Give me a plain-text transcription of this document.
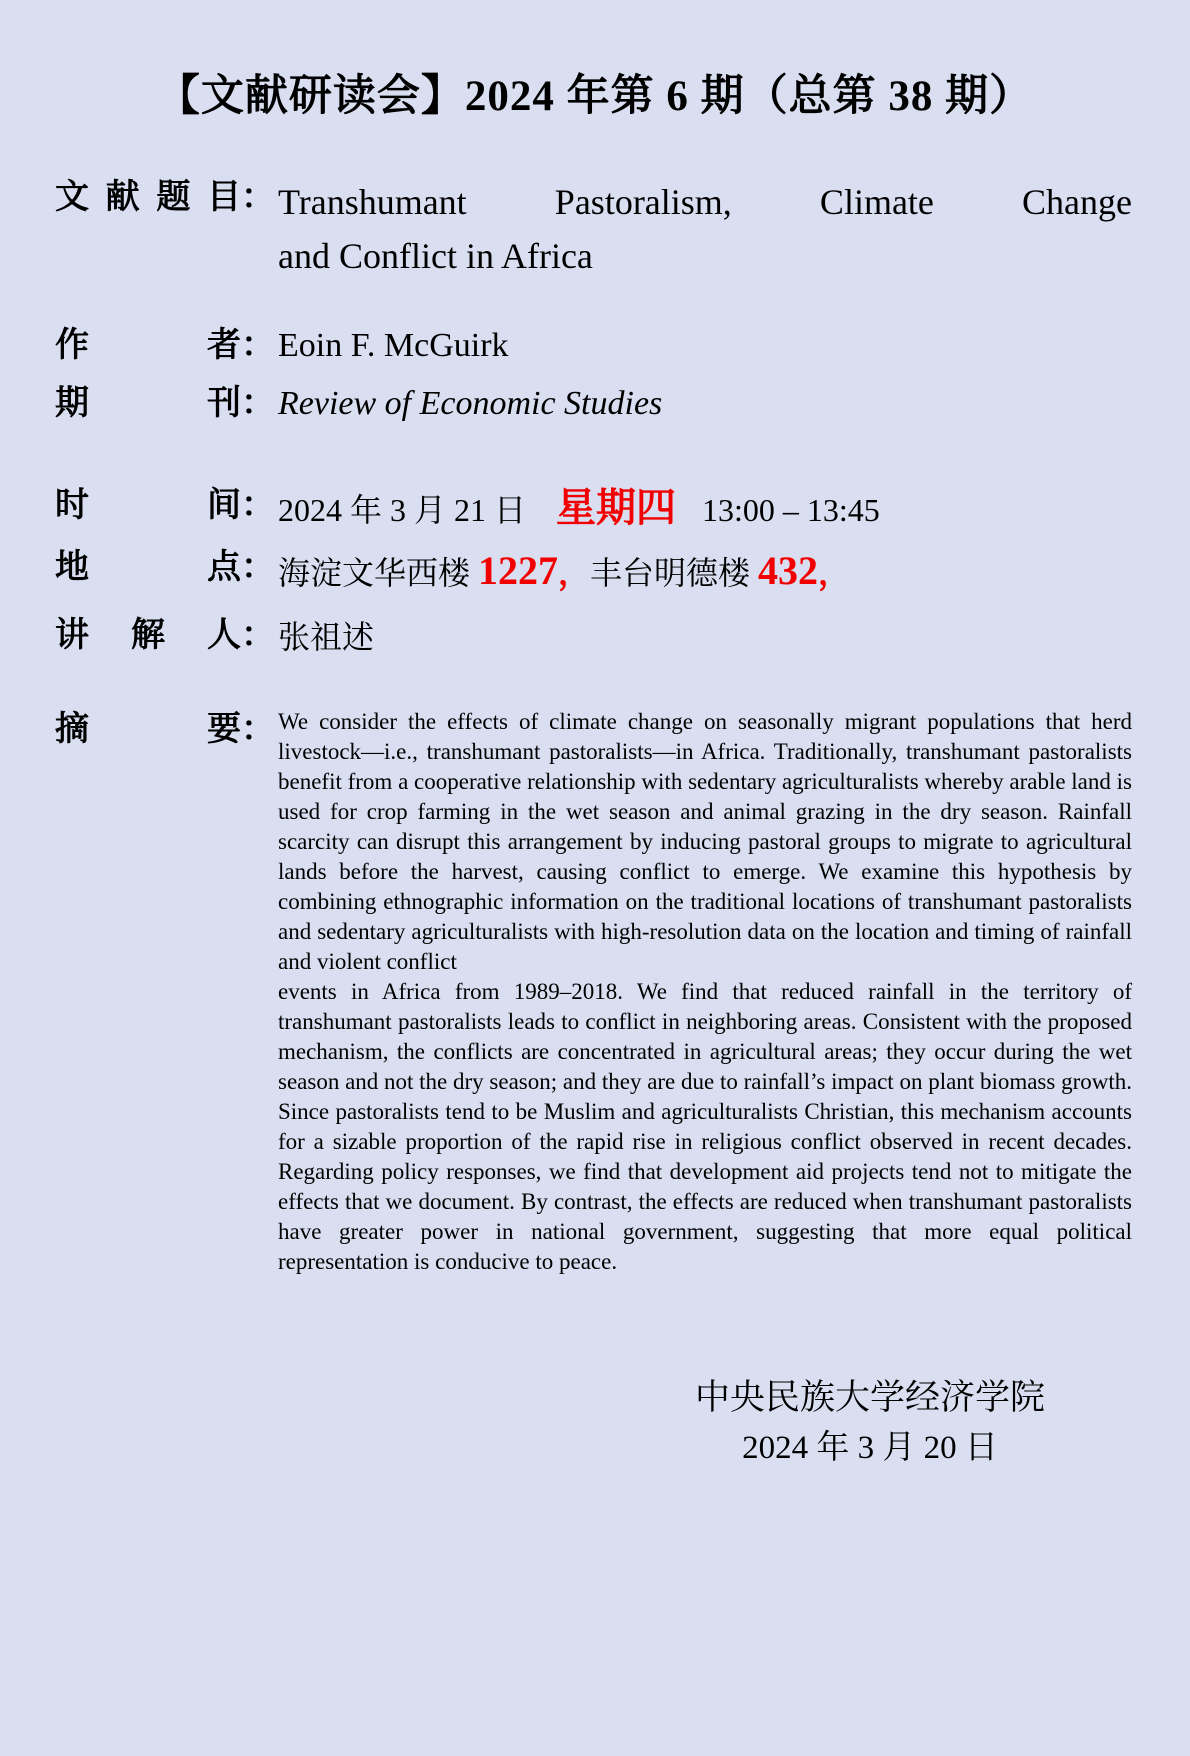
【文献研读会】2024 年第 6 期（总第 38 期）
文献题目 ： Transhumant Pastoralism, Climate Change
and Conflict in Africa
作者 ： Eoin F. McGuirk
期刊 ： Review of Economic Studies
时间 ： 2024 年 3 月 21 日 星期四 13:00 – 13:45
地点 ： 海淀文华西楼 1227，丰台明德楼 432，
讲解人 ： 张祖述
摘要 ： We consider the effects of climate change on seasonally migrant populations that herd livestock—i.e., transhumant pastoralists—in Africa. Traditionally, transhumant pastoralists benefit from a cooperative relationship with sedentary agriculturalists whereby arable land is used for crop farming in the wet season and animal grazing in the dry season. Rainfall scarcity can disrupt this arrangement by inducing pastoral groups to migrate to agricultural lands before the harvest, causing conflict to emerge. We examine this hypothesis by combining ethnographic information on the traditional locations of transhumant pastoralists and sedentary agriculturalists with high-resolution data on the location and timing of rainfall and violent conflict

events in Africa from 1989–2018. We find that reduced rainfall in the territory of transhumant pastoralists leads to conflict in neighboring areas. Consistent with the proposed mechanism, the conflicts are concentrated in agricultural areas; they occur during the wet season and not the dry season; and they are due to rainfall’s impact on plant biomass growth. Since pastoralists tend to be Muslim and agriculturalists Christian, this mechanism accounts for a sizable proportion of the rapid rise in religious conflict observed in recent decades. Regarding policy responses, we find that development aid projects tend not to mitigate the effects that we document. By contrast, the effects are reduced when transhumant pastoralists have greater power in national government, suggesting that more equal political representation is conducive to peace.

中央民族大学经济学院
2024 年 3 月 20 日
